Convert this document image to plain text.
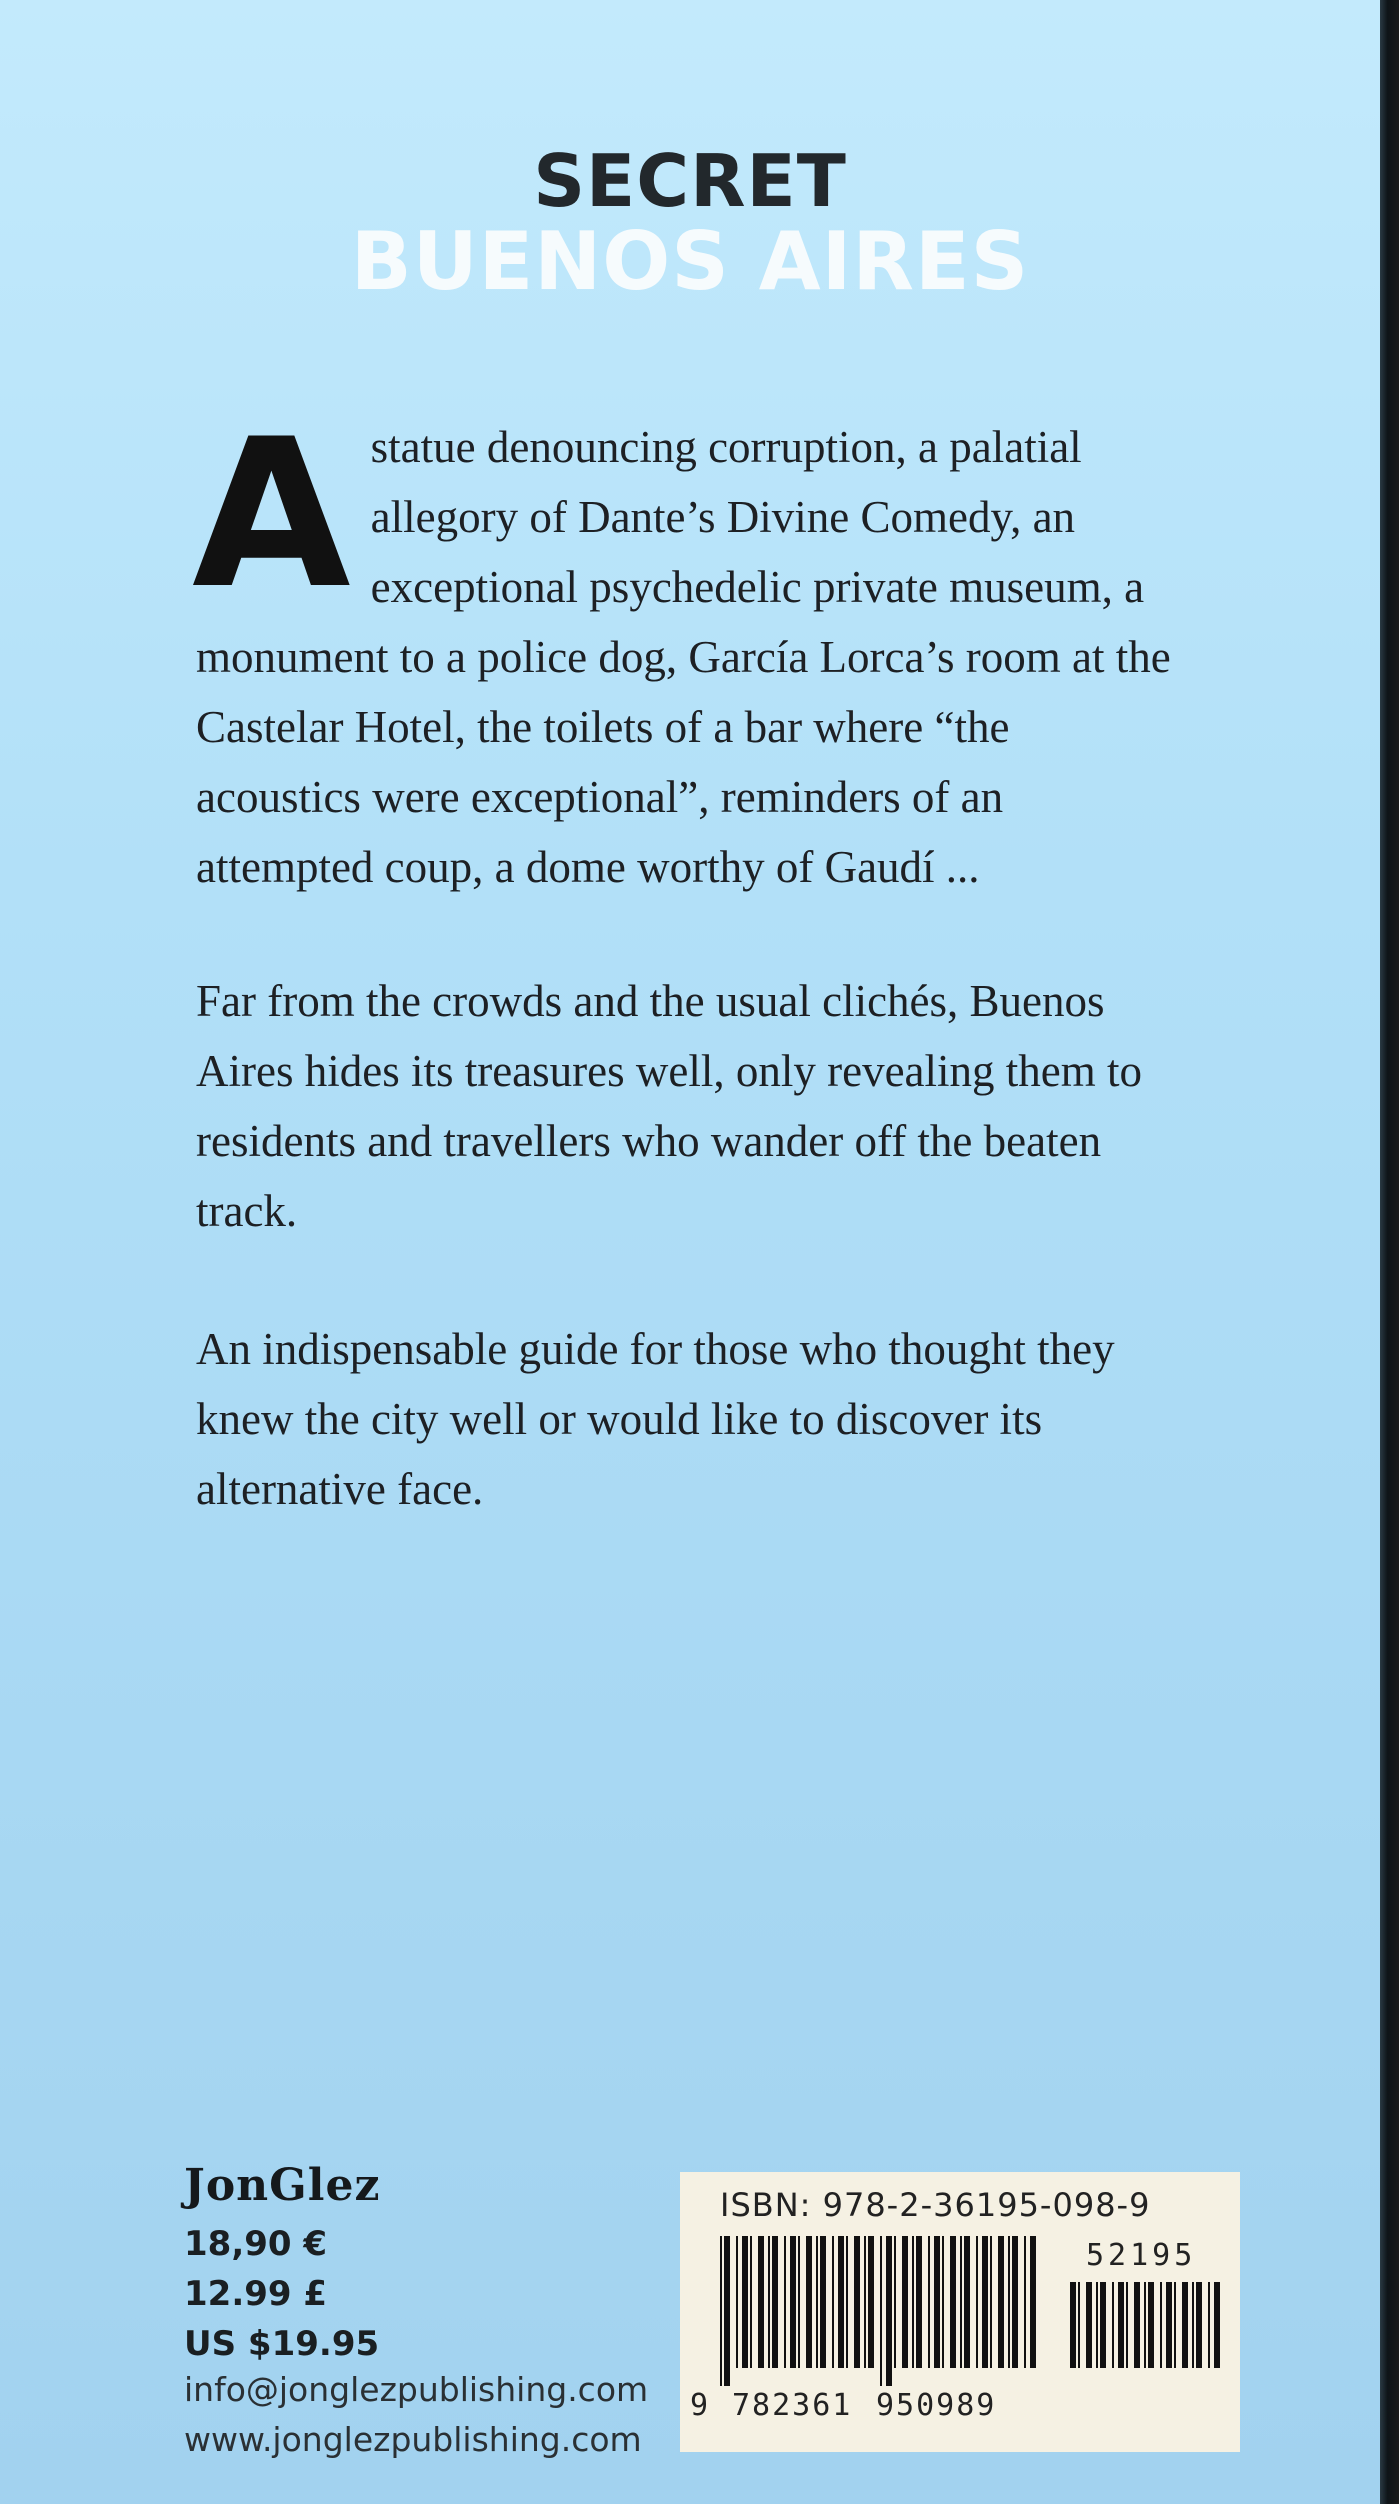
SECRET
BUENOS AIRES
A statue denouncing corruption, a palatial allegory of Dante’s Divine Comedy, an exceptional psychedelic private museum, a monument to a police dog, García Lorca’s room at the Castelar Hotel, the toilets of a bar where “the acoustics were exceptional”, reminders of an attempted coup, a dome worthy of Gaudí ...
Far from the crowds and the usual clichés, Buenos Aires hides its treasures well, only revealing them to residents and travellers who wander off the beaten track.
An indispensable guide for those who thought they knew the city well or would like to discover its alternative face.
JonGlez
18,90 €
12.99 £
US $19.95
info@jonglezpublishing.com
www.jonglezpublishing.com
ISBN: 978-2-36195-098-9
52195
9 782361 950989
